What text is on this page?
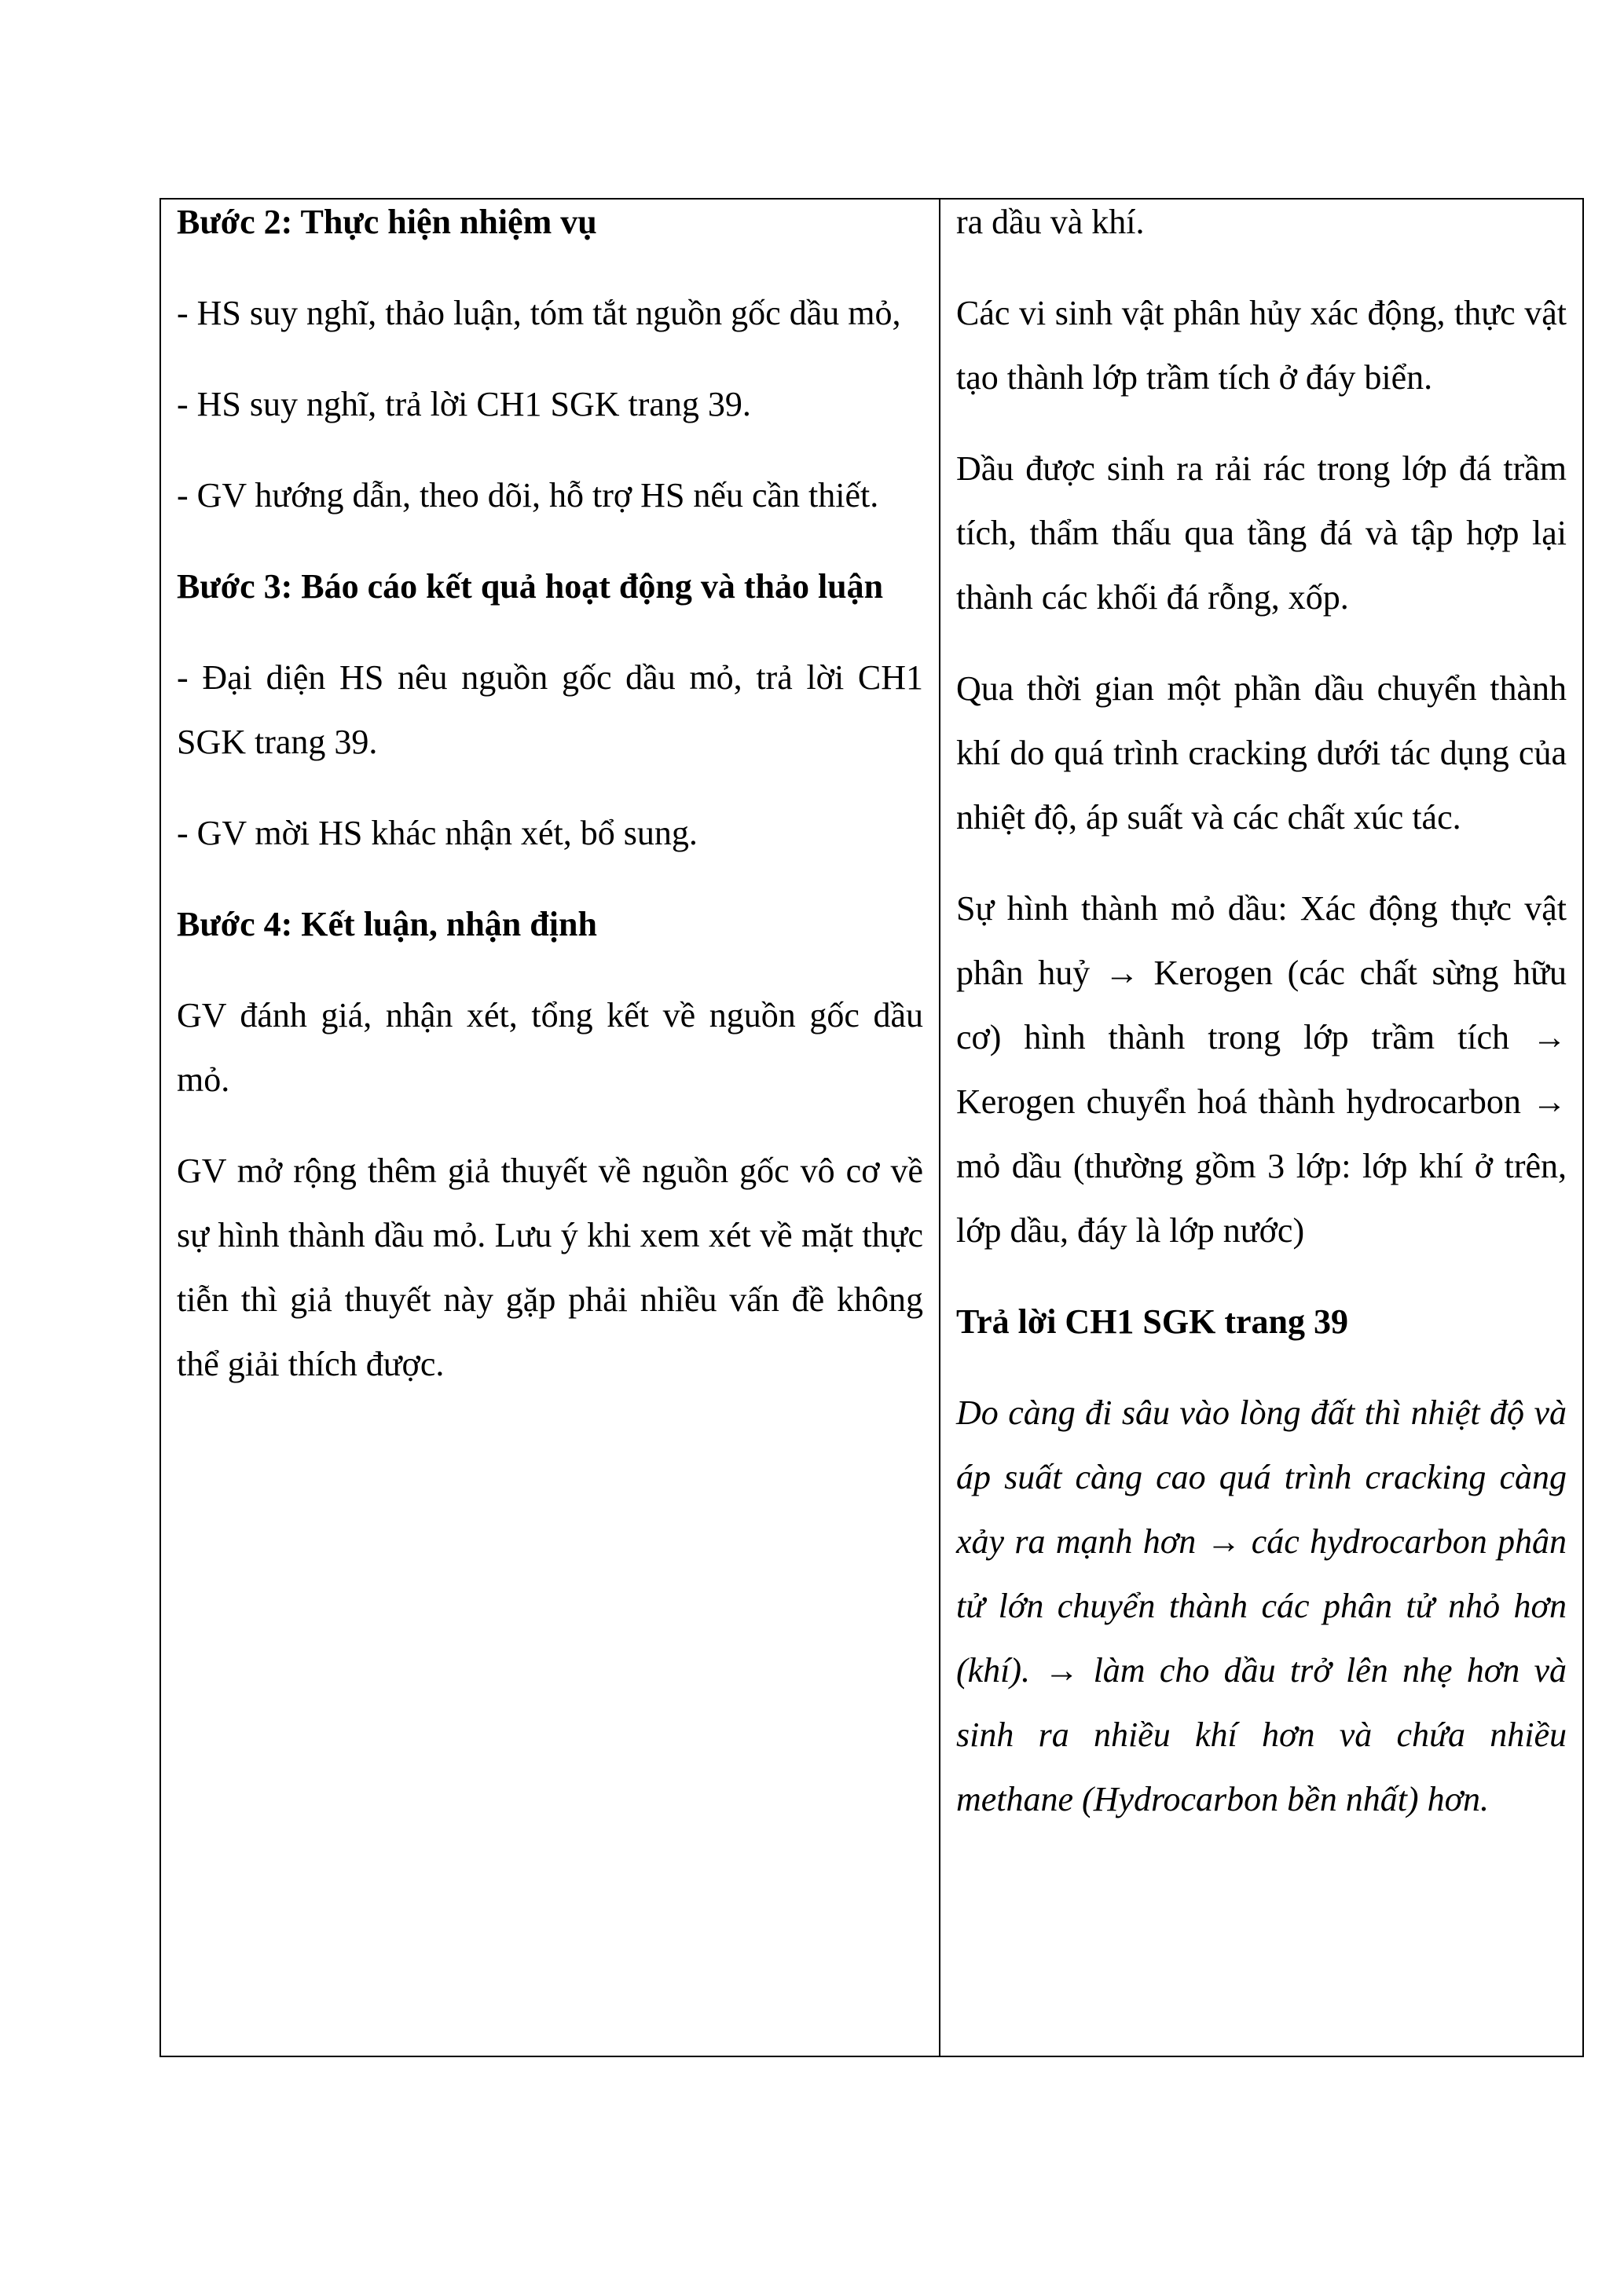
Bước 2: Thực hiện nhiệm vụ

- HS suy nghĩ, thảo luận, tóm tắt nguồn gốc dầu mỏ,

- HS suy nghĩ, trả lời CH1 SGK trang 39.

- GV hướng dẫn, theo dõi, hỗ trợ HS nếu cần thiết.

Bước 3: Báo cáo kết quả hoạt động và thảo luận

- Đại diện HS nêu nguồn gốc dầu mỏ, trả lời CH1 SGK trang 39.

- GV mời HS khác nhận xét, bổ sung.

Bước 4: Kết luận, nhận định

GV đánh giá, nhận xét, tổng kết về nguồn gốc dầu mỏ.

GV mở rộng thêm giả thuyết về nguồn gốc vô cơ về sự hình thành dầu mỏ. Lưu ý khi xem xét về mặt thực tiễn thì giả thuyết này gặp phải nhiều vấn đề không thể giải thích được.

ra dầu và khí.

Các vi sinh vật phân hủy xác động, thực vật tạo thành lớp trầm tích ở đáy biển.

Dầu được sinh ra rải rác trong lớp đá trầm tích, thẩm thấu qua tầng đá và tập hợp lại thành các khối đá rỗng, xốp.

Qua thời gian một phần dầu chuyển thành khí do quá trình cracking dưới tác dụng của nhiệt độ, áp suất và các chất xúc tác.

Sự hình thành mỏ dầu: Xác động thực vật phân huỷ → Kerogen (các chất sừng hữu cơ) hình thành trong lớp trầm tích → Kerogen chuyển hoá thành hydrocarbon → mỏ dầu (thường gồm 3 lớp: lớp khí ở trên, lớp dầu, đáy là lớp nước)

Trả lời CH1 SGK trang 39

Do càng đi sâu vào lòng đất thì nhiệt độ và áp suất càng cao quá trình cracking càng xảy ra mạnh hơn → các hydrocarbon phân tử lớn chuyển thành các phân tử nhỏ hơn (khí). → làm cho dầu trở lên nhẹ hơn và sinh ra nhiều khí hơn và chứa nhiều methane (Hydrocarbon bền nhất) hơn.
